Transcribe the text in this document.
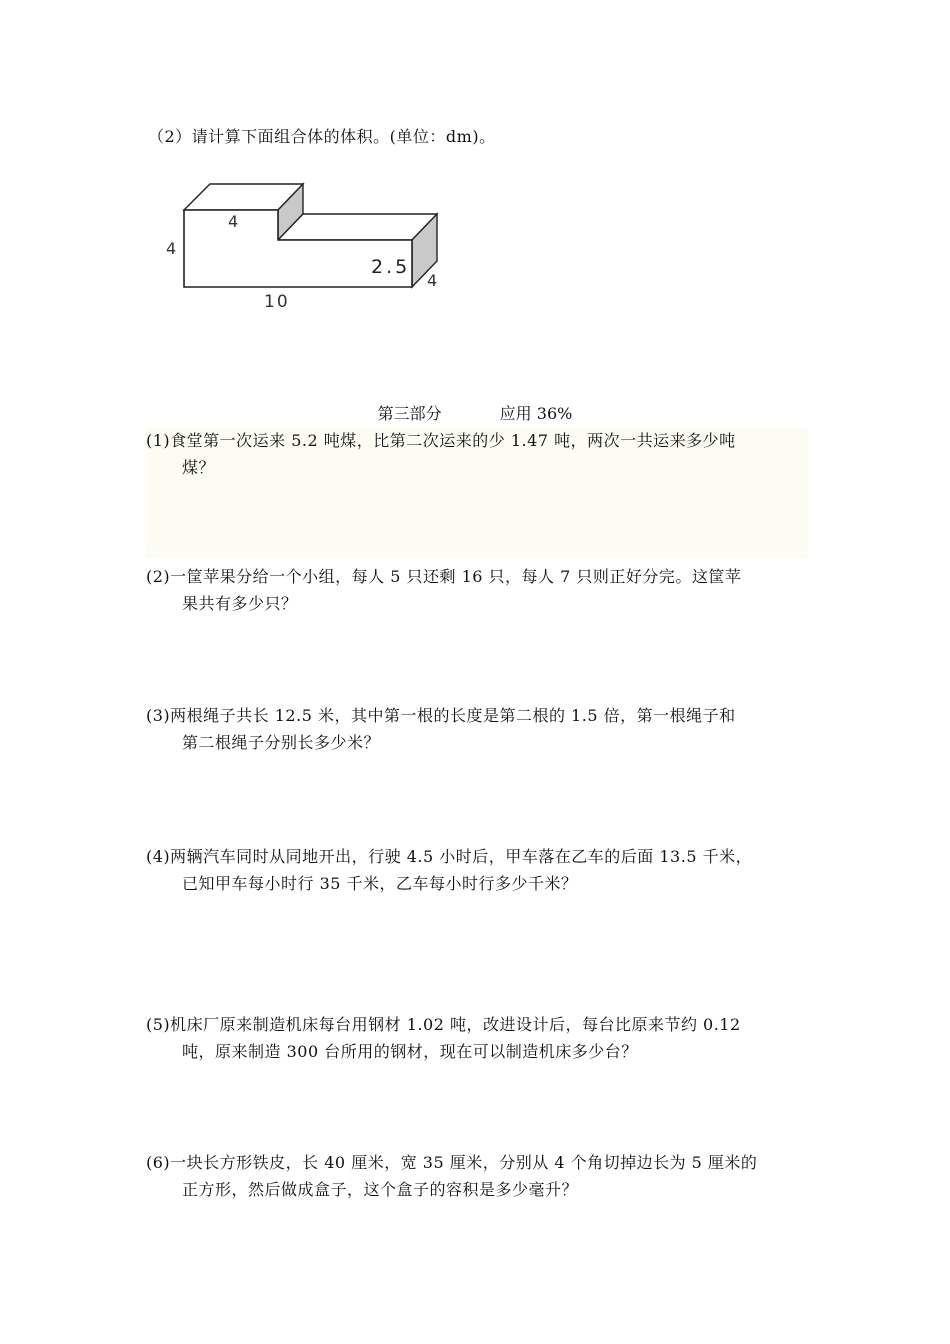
（2）请计算下面组合体的体积。(单位：dm)。
4
4
2.5
4
10
第三部分	应用 36%
(1)食堂第一次运来 5.2 吨煤，比第二次运来的少 1.47 吨，两次一共运来多少吨
煤？
(2)一筐苹果分给一个小组，每人 5 只还剩 16 只，每人 7 只则正好分完。这筐苹
果共有多少只？
(3)两根绳子共长 12.5 米，其中第一根的长度是第二根的 1.5 倍，第一根绳子和
第二根绳子分别长多少米？
(4)两辆汽车同时从同地开出，行驶 4.5 小时后，甲车落在乙车的后面 13.5 千米，
已知甲车每小时行 35 千米，乙车每小时行多少千米？
(5)机床厂原来制造机床每台用钢材 1.02 吨，改进设计后，每台比原来节约 0.12
吨，原来制造 300 台所用的钢材，现在可以制造机床多少台？
(6)一块长方形铁皮，长 40 厘米，宽 35 厘米，分别从 4 个角切掉边长为 5 厘米的
正方形，然后做成盒子，这个盒子的容积是多少毫升？
